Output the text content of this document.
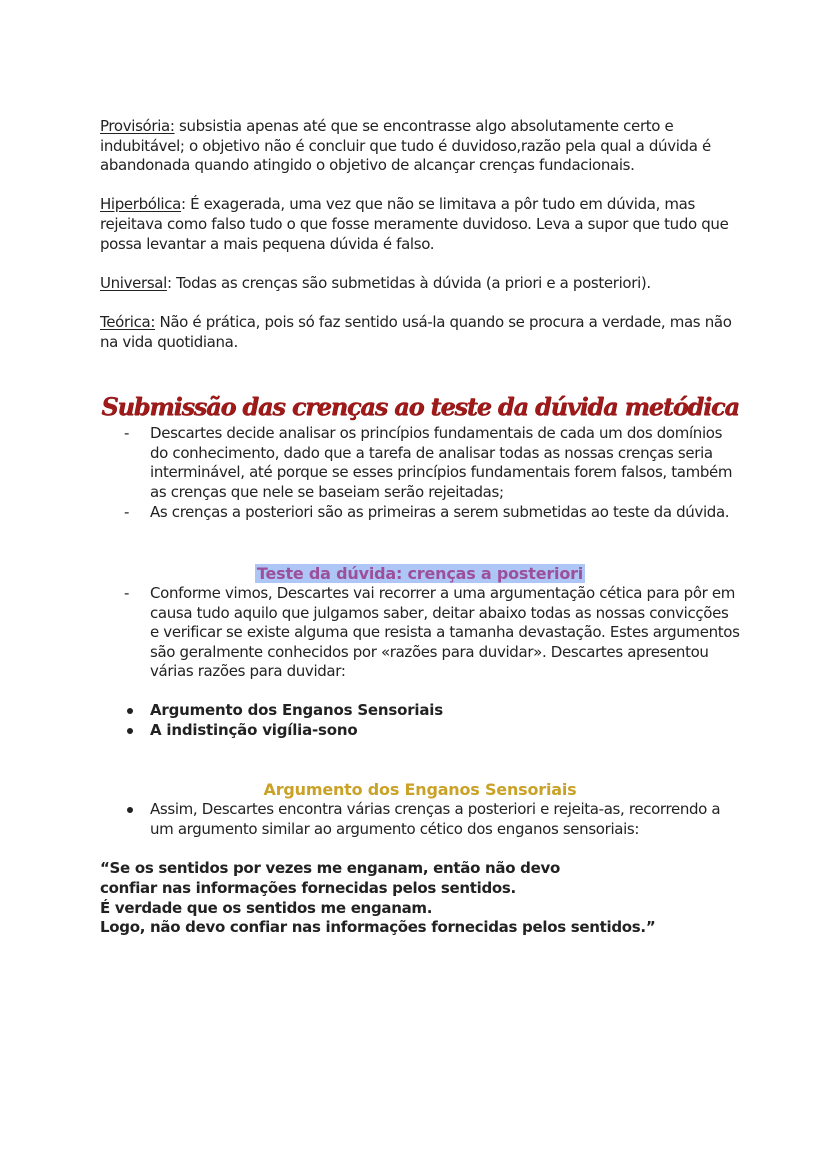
Provisória: subsistia apenas até que se encontrasse algo absolutamente certo e indubitável; o objetivo não é concluir que tudo é duvidoso,razão pela qual a dúvida é abandonada quando atingido o objetivo de alcançar crenças fundacionais.
Hiperbólica: É exagerada, uma vez que não se limitava a pôr tudo em dúvida, mas rejeitava como falso tudo o que fosse meramente duvidoso. Leva a supor que tudo que possa levantar a mais pequena dúvida é falso.
Universal: Todas as crenças são submetidas à dúvida (a priori e a posteriori).
Teórica: Não é prática, pois só faz sentido usá-la quando se procura a verdade, mas não na vida quotidiana.
Submissão das crenças ao teste da dúvida metódica
- Descartes decide analisar os princípios fundamentais de cada um dos domínios do conhecimento, dado que a tarefa de analisar todas as nossas crenças seria interminável, até porque se esses princípios fundamentais forem falsos, também as crenças que nele se baseiam serão rejeitadas;
- As crenças a posteriori são as primeiras a serem submetidas ao teste da dúvida.
Teste da dúvida: crenças a posteriori
- Conforme vimos, Descartes vai recorrer a uma argumentação cética para pôr em causa tudo aquilo que julgamos saber, deitar abaixo todas as nossas convicções e verificar se existe alguma que resista a tamanha devastação. Estes argumentos são geralmente conhecidos por «razões para duvidar». Descartes apresentou várias razões para duvidar:
Argumento dos Enganos Sensoriais
A indistinção vigília-sono
Argumento dos Enganos Sensoriais
Assim, Descartes encontra várias crenças a posteriori e rejeita-as, recorrendo a um argumento similar ao argumento cético dos enganos sensoriais:
“Se os sentidos por vezes me enganam, então não devo
confiar nas informações fornecidas pelos sentidos.
É verdade que os sentidos me enganam.
Logo, não devo confiar nas informações fornecidas pelos sentidos.”
